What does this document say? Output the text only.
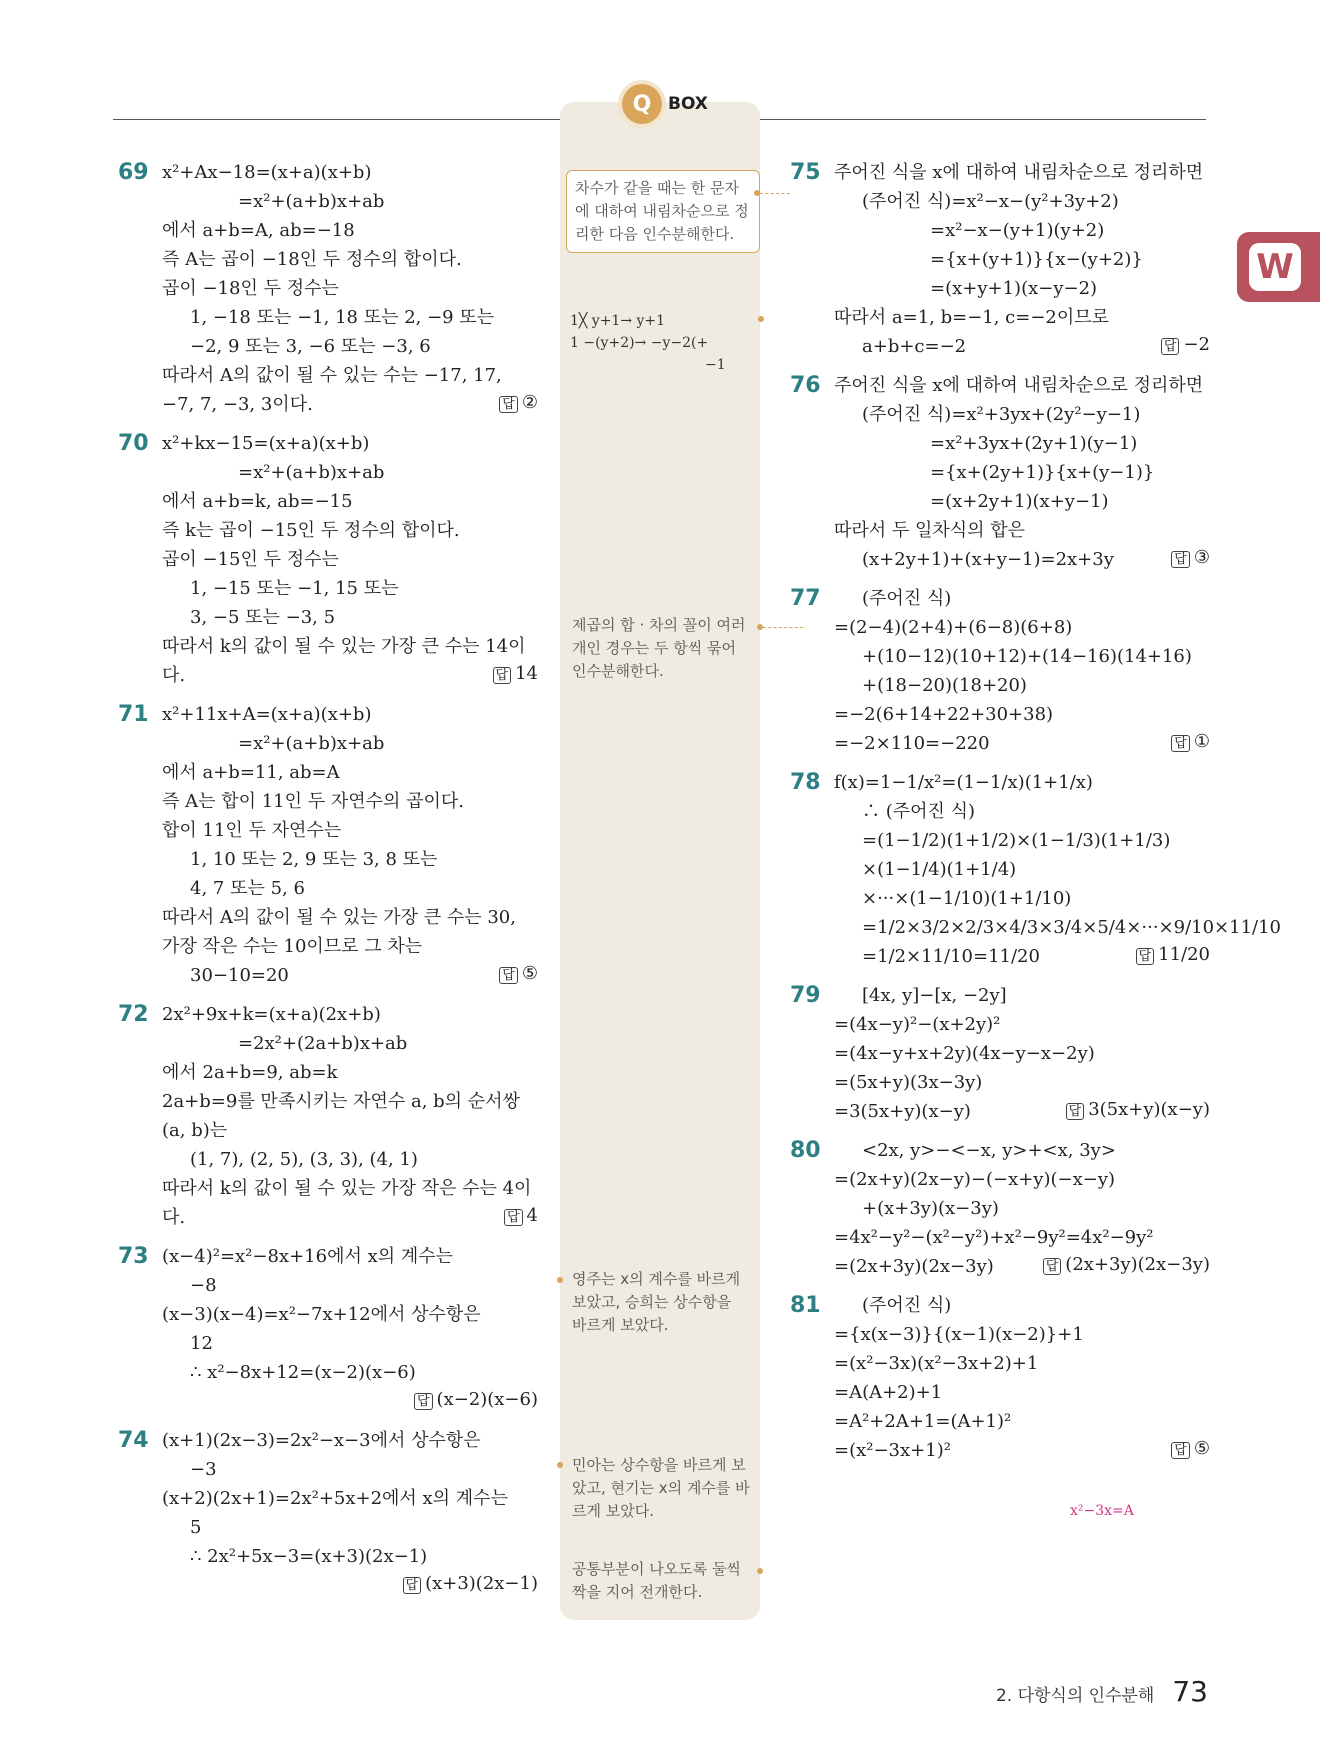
Q BOX
W
69 x²+Ax−18=(x+a)(x+b)
=x²+(a+b)x+ab
에서 a+b=A, ab=−18
즉 A는 곱이 −18인 두 정수의 합이다.
곱이 −18인 두 정수는
1, −18 또는 −1, 18 또는 2, −9 또는
−2, 9 또는 3, −6 또는 −3, 6
따라서 A의 값이 될 수 있는 수는 −17, 17,
−7, 7, −3, 3이다.	답 ②
70 x²+kx−15=(x+a)(x+b)
=x²+(a+b)x+ab
에서 a+b=k, ab=−15
즉 k는 곱이 −15인 두 정수의 합이다.
곱이 −15인 두 정수는
1, −15 또는 −1, 15 또는
3, −5 또는 −3, 5
따라서 k의 값이 될 수 있는 가장 큰 수는 14이
다.	답 14
71 x²+11x+A=(x+a)(x+b)
=x²+(a+b)x+ab
에서 a+b=11, ab=A
즉 A는 합이 11인 두 자연수의 곱이다.
합이 11인 두 자연수는
1, 10 또는 2, 9 또는 3, 8 또는
4, 7 또는 5, 6
따라서 A의 값이 될 수 있는 가장 큰 수는 30,
가장 작은 수는 10이므로 그 차는
30−10=20	답 ⑤
72 2x²+9x+k=(x+a)(2x+b)
=2x²+(2a+b)x+ab
에서 2a+b=9, ab=k
2a+b=9를 만족시키는 자연수 a, b의 순서쌍
(a, b)는
(1, 7), (2, 5), (3, 3), (4, 1)
따라서 k의 값이 될 수 있는 가장 작은 수는 4이
다.	답 4
73 (x−4)²=x²−8x+16에서 x의 계수는
−8
(x−3)(x−4)=x²−7x+12에서 상수항은
12
∴ x²−8x+12=(x−2)(x−6)
답 (x−2)(x−6)
74 (x+1)(2x−3)=2x²−x−3에서 상수항은
−3
(x+2)(2x+1)=2x²+5x+2에서 x의 계수는
5
∴ 2x²+5x−3=(x+3)(2x−1)
답 (x+3)(2x−1)
75 주어진 식을 x에 대하여 내림차순으로 정리하면
(주어진 식)=x²−x−(y²+3y+2)
=x²−x−(y+1)(y+2)
={x+(y+1)}{x−(y+2)}
=(x+y+1)(x−y−2)
따라서 a=1, b=−1, c=−2이므로
a+b+c=−2	답 −2
76 주어진 식을 x에 대하여 내림차순으로 정리하면
(주어진 식)=x²+3yx+(2y²−y−1)
=x²+3yx+(2y+1)(y−1)
={x+(2y+1)}{x+(y−1)}
=(x+2y+1)(x+y−1)
따라서 두 일차식의 합은
(x+2y+1)+(x+y−1)=2x+3y	답 ③
77	(주어진 식)
=(2−4)(2+4)+(6−8)(6+8)
+(10−12)(10+12)+(14−16)(14+16)
+(18−20)(18+20)
=−2(6+14+22+30+38)
=−2×110=−220	답 ①
78 f(x)=1−1/x²=(1−1/x)(1+1/x)
∴ (주어진 식)
=(1−1/2)(1+1/2)×(1−1/3)(1+1/3)
×(1−1/4)(1+1/4)
×···×(1−1/10)(1+1/10)
=1/2×3/2×2/3×4/3×3/4×5/4×···×9/10×11/10
=1/2×11/10=11/20	답 11/20
79	[4x, y]−[x, −2y]
=(4x−y)²−(x+2y)²
=(4x−y+x+2y)(4x−y−x−2y)
=(5x+y)(3x−3y)
=3(5x+y)(x−y)	답 3(5x+y)(x−y)
80	<2x, y>−<−x, y>+<x, 3y>
=(2x+y)(2x−y)−(−x+y)(−x−y)
+(x+3y)(x−3y)
=4x²−y²−(x²−y²)+x²−9y²=4x²−9y²
=(2x+3y)(2x−3y)	답 (2x+3y)(2x−3y)
81	(주어진 식)
={x(x−3)}{(x−1)(x−2)}+1
=(x²−3x)(x²−3x+2)+1
=A(A+2)+1
=A²+2A+1=(A+1)²
=(x²−3x+1)²	답 ⑤
차수가 같을 때는 한 문자에 대하여 내림차순으로 정리한 다음 인수분해한다.
1╳ y+1→ y+1
1 −(y+2)→ −y−2(+
−1
제곱의 합 · 차의 꼴이 여러 개인 경우는 두 항씩 묶어 인수분해한다.
영주는 x의 계수를 바르게 보았고, 승희는 상수항을 바르게 보았다.
민아는 상수항을 바르게 보았고, 현기는 x의 계수를 바르게 보았다.
공통부분이 나오도록 둘씩 짝을 지어 전개한다.
x²−3x=A
2. 다항식의 인수분해 73
